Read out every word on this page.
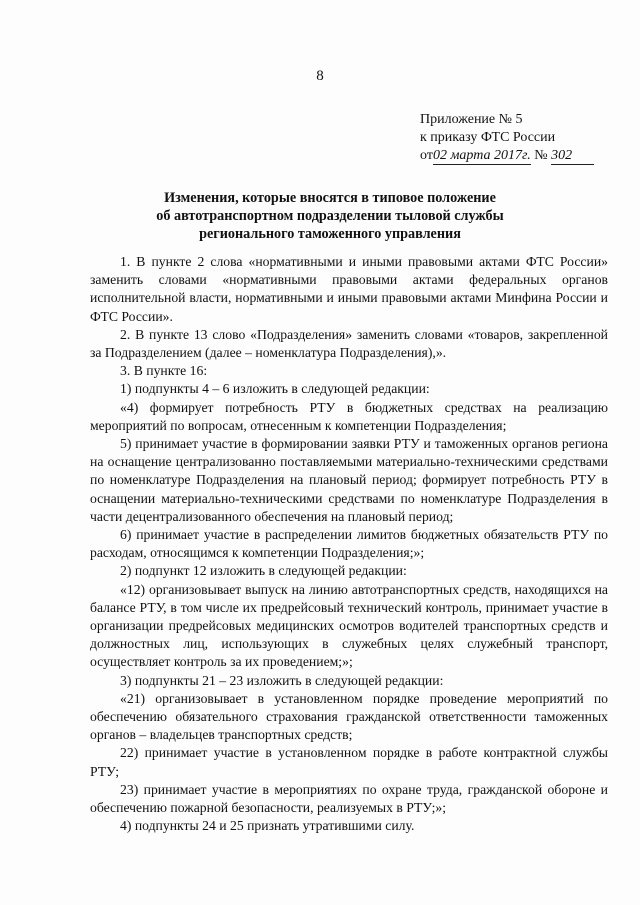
8
Приложение № 5
к приказу ФТС России
от02 марта 2017г. № 302
Изменения, которые вносятся в типовое положение
об автотранспортном подразделении тыловой службы
регионального таможенного управления

1. В пункте 2 слова «нормативными и иными правовыми актами ФТС России» заменить словами «нормативными правовыми актами федеральных органов исполнительной власти, нормативными и иными правовыми актами Минфина России и ФТС России».

2. В пункте 13 слово «Подразделения» заменить словами «товаров, закрепленной за Подразделением (далее – номенклатура Подразделения),».

3. В пункте 16:

1) подпункты 4 – 6 изложить в следующей редакции:

«4) формирует потребность РТУ в бюджетных средствах на реализацию мероприятий по вопросам, отнесенным к компетенции Подразделения;

5) принимает участие в формировании заявки РТУ и таможенных органов региона на оснащение централизованно поставляемыми материально-техническими средствами по номенклатуре Подразделения на плановый период; формирует потребность РТУ в оснащении материально-техническими средствами по номенклатуре Подразделения в части децентрализованного обеспечения на плановый период;

6) принимает участие в распределении лимитов бюджетных обязательств РТУ по расходам, относящимся к компетенции Подразделения;»;

2) подпункт 12 изложить в следующей редакции:

«12) организовывает выпуск на линию автотранспортных средств, находящихся на балансе РТУ, в том числе их предрейсовый технический контроль, принимает участие в организации предрейсовых медицинских осмотров водителей транспортных средств и должностных лиц, использующих в служебных целях служебный транспорт, осуществляет контроль за их проведением;»;

3) подпункты 21 – 23 изложить в следующей редакции:

«21) организовывает в установленном порядке проведение мероприятий по обеспечению обязательного страхования гражданской ответственности таможенных органов – владельцев транспортных средств;

22) принимает участие в установленном порядке в работе контрактной службы РТУ;

23) принимает участие в мероприятиях по охране труда, гражданской обороне и обеспечению пожарной безопасности, реализуемых в РТУ;»;

4) подпункты 24 и 25 признать утратившими силу.
